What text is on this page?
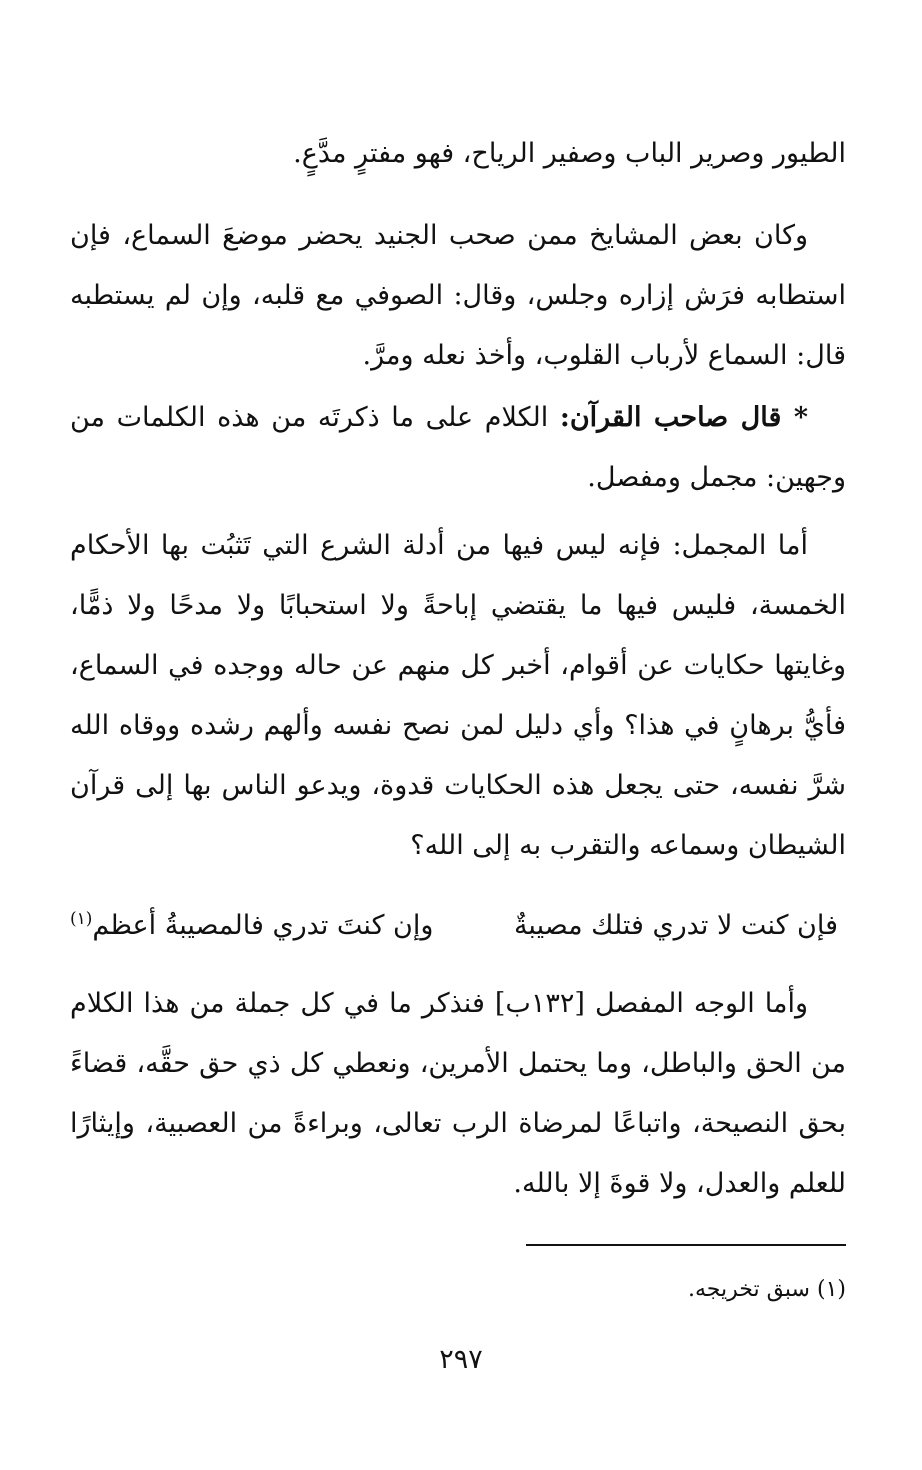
الطيور وصرير الباب وصفير الرياح، فهو مفترٍ مدَّعٍ.

وكان بعض المشايخ ممن صحب الجنيد يحضر موضعَ السماع، فإن استطابه فرَش إزاره وجلس، وقال: الصوفي مع قلبه، وإن لم يستطبه قال: السماع لأرباب القلوب، وأخذ نعله ومرَّ.

* قال صاحب القرآن: الكلام على ما ذكرتَه من هذه الكلمات من وجهين: مجمل ومفصل.

أما المجمل: فإنه ليس فيها من أدلة الشرع التي تَثبُت بها الأحكام الخمسة، فليس فيها ما يقتضي إباحةً ولا استحبابًا ولا مدحًا ولا ذمًّا، وغايتها حكايات عن أقوام، أخبر كل منهم عن حاله ووجده في السماع، فأيُّ برهانٍ في هذا؟ وأي دليل لمن نصح نفسه وألهم رشده ووقاه الله شرَّ نفسه، حتى يجعل هذه الحكايات قدوة، ويدعو الناس بها إلى قرآن الشيطان وسماعه والتقرب به إلى الله؟

فإن كنت لا تدري فتلك مصيبةٌ
وإن كنتَ تدري فالمصيبةُ أعظم$^{(١)}$

وأما الوجه المفصل [١٣٢ب] فنذكر ما في كل جملة من هذا الكلام من الحق والباطل، وما يحتمل الأمرين، ونعطي كل ذي حق حقَّه، قضاءً بحق النصيحة، واتباعًا لمرضاة الرب تعالى، وبراءةً من العصبية، وإيثارًا للعلم والعدل، ولا قوةَ إلا بالله.

(١) سبق تخريجه.
٢٩٧
